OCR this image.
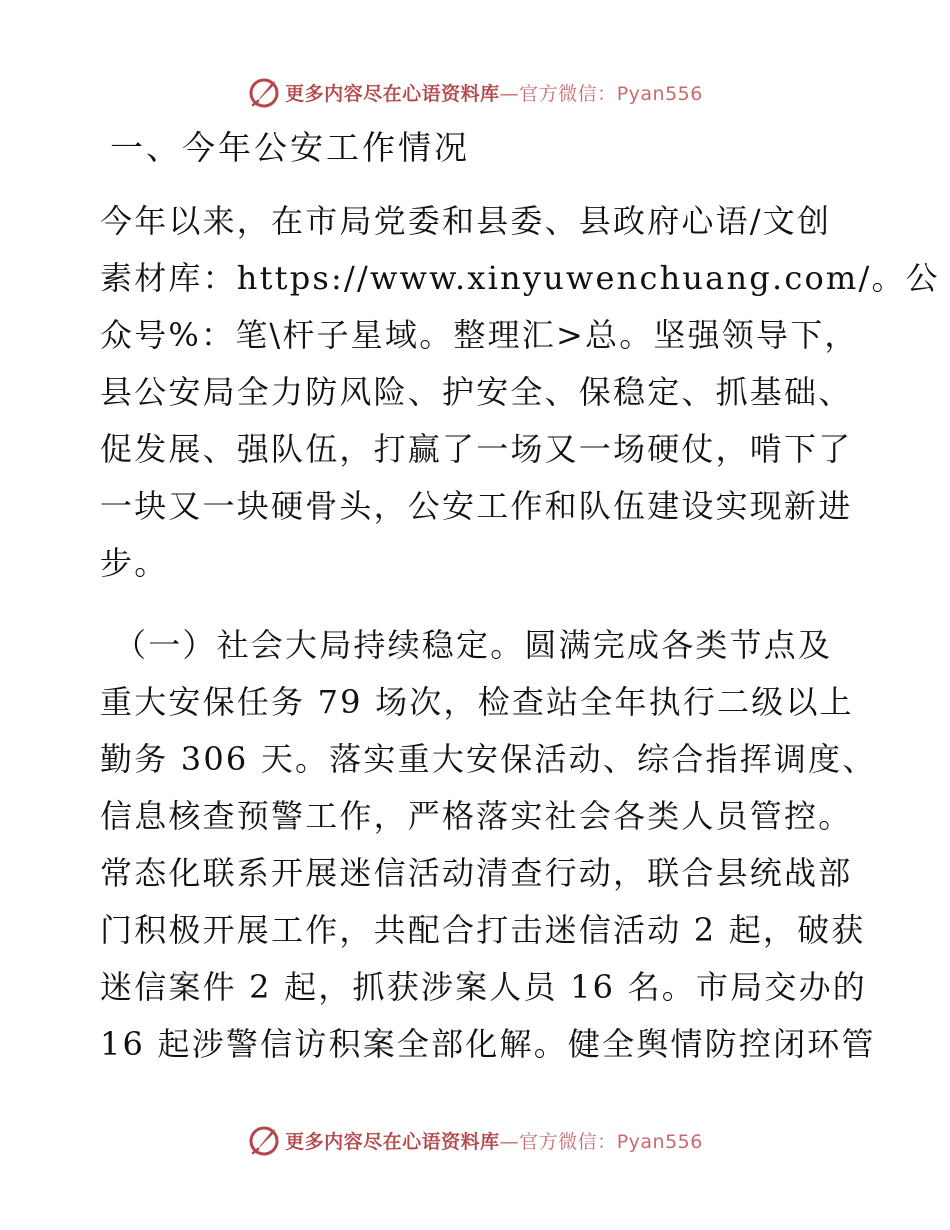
更多内容尽在心语资料库—官方微信：Pyan556
一、今年公安工作情况
今年以来，在市局党委和县委、县政府心语/文创
素材库：https://www.xinyuwenchuang.com/。公
众号%：笔\杆子星域。整理汇>总。坚强领导下，
县公安局全力防风险、护安全、保稳定、抓基础、
促发展、强队伍，打赢了一场又一场硬仗，啃下了
一块又一块硬骨头，公安工作和队伍建设实现新进
步。
（一）社会大局持续稳定。圆满完成各类节点及
重大安保任务 79 场次，检查站全年执行二级以上
勤务 306 天。落实重大安保活动、综合指挥调度、
信息核查预警工作，严格落实社会各类人员管控。
常态化联系开展迷信活动清查行动，联合县统战部
门积极开展工作，共配合打击迷信活动 2 起，破获
迷信案件 2 起，抓获涉案人员 16 名。市局交办的
16 起涉警信访积案全部化解。健全舆情防控闭环管
更多内容尽在心语资料库—官方微信：Pyan556
